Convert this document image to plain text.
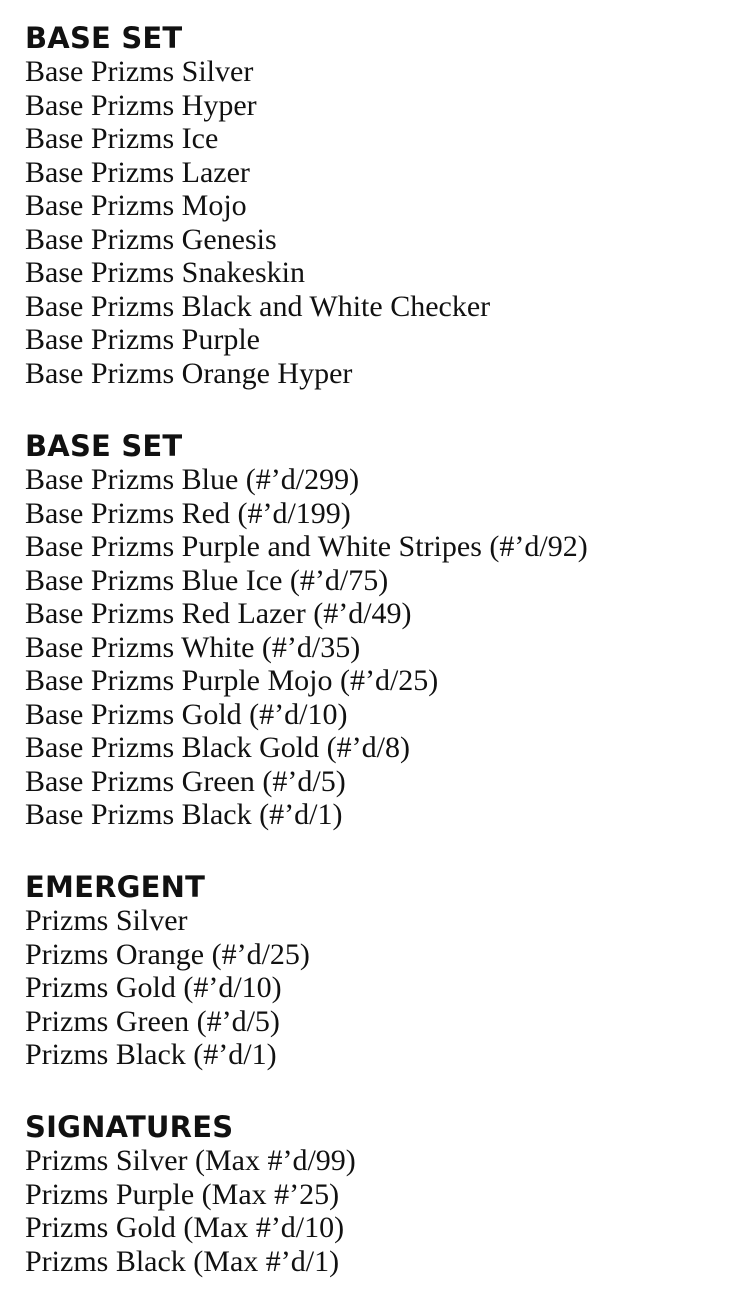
BASE SET
Base Prizms Silver
Base Prizms Hyper
Base Prizms Ice
Base Prizms Lazer
Base Prizms Mojo
Base Prizms Genesis
Base Prizms Snakeskin
Base Prizms Black and White Checker
Base Prizms Purple
Base Prizms Orange Hyper
BASE SET
Base Prizms Blue (#’d/299)
Base Prizms Red (#’d/199)
Base Prizms Purple and White Stripes (#’d/92)
Base Prizms Blue Ice (#’d/75)
Base Prizms Red Lazer (#’d/49)
Base Prizms White (#’d/35)
Base Prizms Purple Mojo (#’d/25)
Base Prizms Gold (#’d/10)
Base Prizms Black Gold (#’d/8)
Base Prizms Green (#’d/5)
Base Prizms Black (#’d/1)
EMERGENT
Prizms Silver
Prizms Orange (#’d/25)
Prizms Gold (#’d/10)
Prizms Green (#’d/5)
Prizms Black (#’d/1)
SIGNATURES
Prizms Silver (Max #’d/99)
Prizms Purple (Max #’25)
Prizms Gold (Max #’d/10)
Prizms Black (Max #’d/1)
